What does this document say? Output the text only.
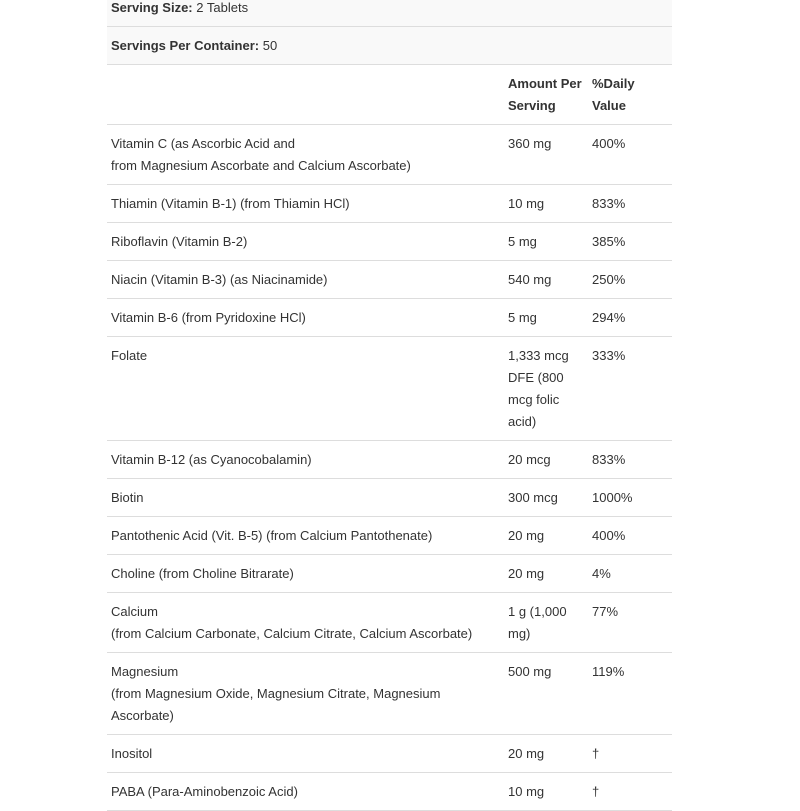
Serving Size: 2 Tablets		
Servings Per Container: 50		
	Amount Per Serving	%Daily Value

Vitamin C (as Ascorbic Acid and
from Magnesium Ascorbate and Calcium Ascorbate)	360 mg	400%

Thiamin (Vitamin B-1) (from Thiamin HCl)	10 mg	833%

Riboflavin (Vitamin B-2)	5 mg	385%

Niacin (Vitamin B-3) (as Niacinamide)	540 mg	250%

Vitamin B-6 (from Pyridoxine HCl)	5 mg	294%

Folate	1,333 mcg DFE (800 mcg folic acid)	333%

Vitamin B-12 (as Cyanocobalamin)	20 mcg	833%

Biotin	300 mcg	1000%

Pantothenic Acid (Vit. B-5) (from Calcium Pantothenate)	20 mg	400%

Choline (from Choline Bitrarate)	20 mg	4%

Calcium
(from Calcium Carbonate, Calcium Citrate, Calcium Ascorbate)	1 g (1,000 mg)	77%

Magnesium
(from Magnesium Oxide, Magnesium Citrate, Magnesium Ascorbate)	500 mg	119%

Inositol	20 mg	†

PABA (Para-Aminobenzoic Acid)	10 mg	†
